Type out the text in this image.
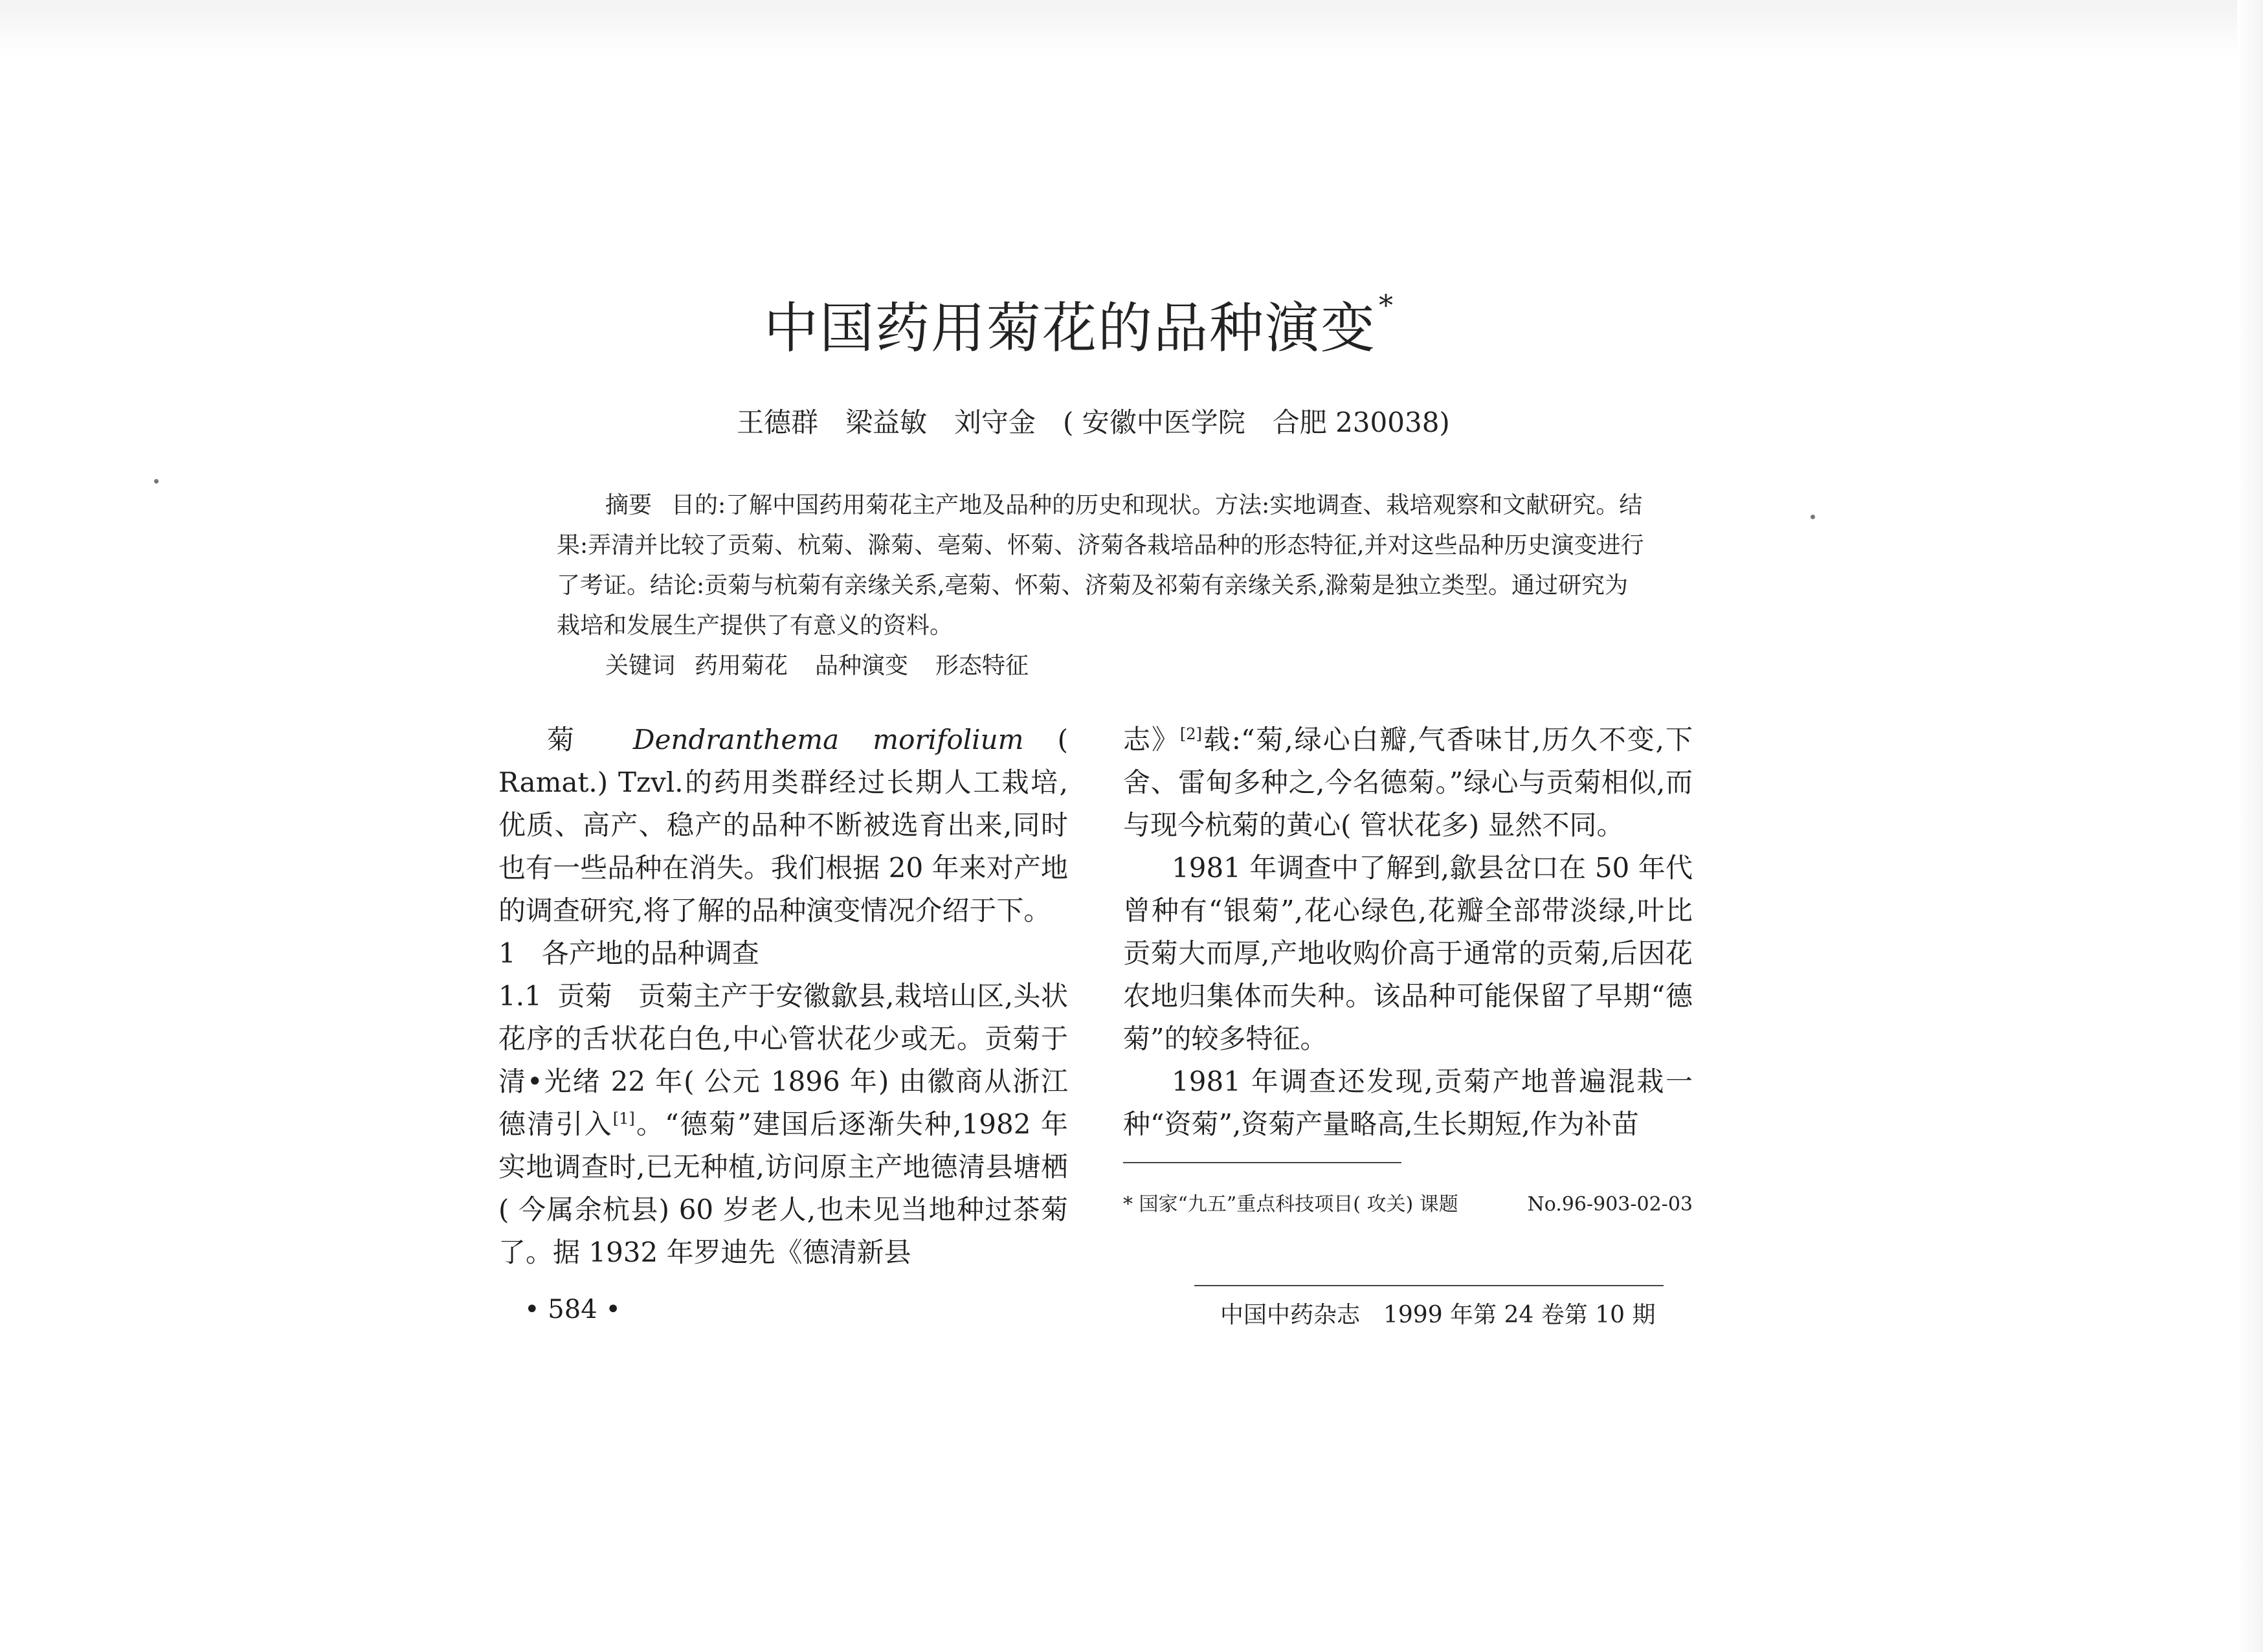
中国药用菊花的品种演变*
王德群　梁益敏　刘守金　( 安徽中医学院　合肥 230038)

摘要 目的:了解中国药用菊花主产地及品种的历史和现状。方法:实地调查、栽培观察和文献研究。结果:弄清并比较了贡菊、杭菊、滁菊、亳菊、怀菊、济菊各栽培品种的形态特征,并对这些品种历史演变进行了考证。结论:贡菊与杭菊有亲缘关系,亳菊、怀菊、济菊及祁菊有亲缘关系,滁菊是独立类型。通过研究为栽培和发展生产提供了有意义的资料。

关键词 药用菊花 品种演变 形态特征

菊 Dendranthema morifolium ( Ramat.) Tzvl.的药用类群经过长期人工栽培,优质、高产、稳产的品种不断被选育出来,同时也有一些品种在消失。我们根据 20 年来对产地的调查研究,将了解的品种演变情况介绍于下。

1 各产地的品种调查

1.1 贡菊 贡菊主产于安徽歙县,栽培山区,头状花序的舌状花白色,中心管状花少或无。贡菊于清•光绪 22 年( 公元 1896 年) 由徽商从浙江德清引入[1]。“德菊”建国后逐渐失种,1982 年实地调查时,已无种植,访问原主产地德清县塘栖( 今属余杭县) 60 岁老人,也未见当地种过茶菊了。据 1932 年罗迪先《德清新县

志》[2]载:“菊,绿心白瓣,气香味甘,历久不变,下舍、雷甸多种之,今名德菊。”绿心与贡菊相似,而与现今杭菊的黄心( 管状花多) 显然不同。

1981 年调查中了解到,歙县岔口在 50 年代曾种有“银菊”,花心绿色,花瓣全部带淡绿,叶比贡菊大而厚,产地收购价高于通常的贡菊,后因花农地归集体而失种。该品种可能保留了早期“德菊”的较多特征。

1981 年调查还发现,贡菊产地普遍混栽一种“资菊”,资菊产量略高,生长期短,作为补苗

No.96-903-02-03
* 国家“九五”重点科技项目( 攻关) 课题
• 584 •	中国中药杂志　1999 年第 24 卷第 10 期
